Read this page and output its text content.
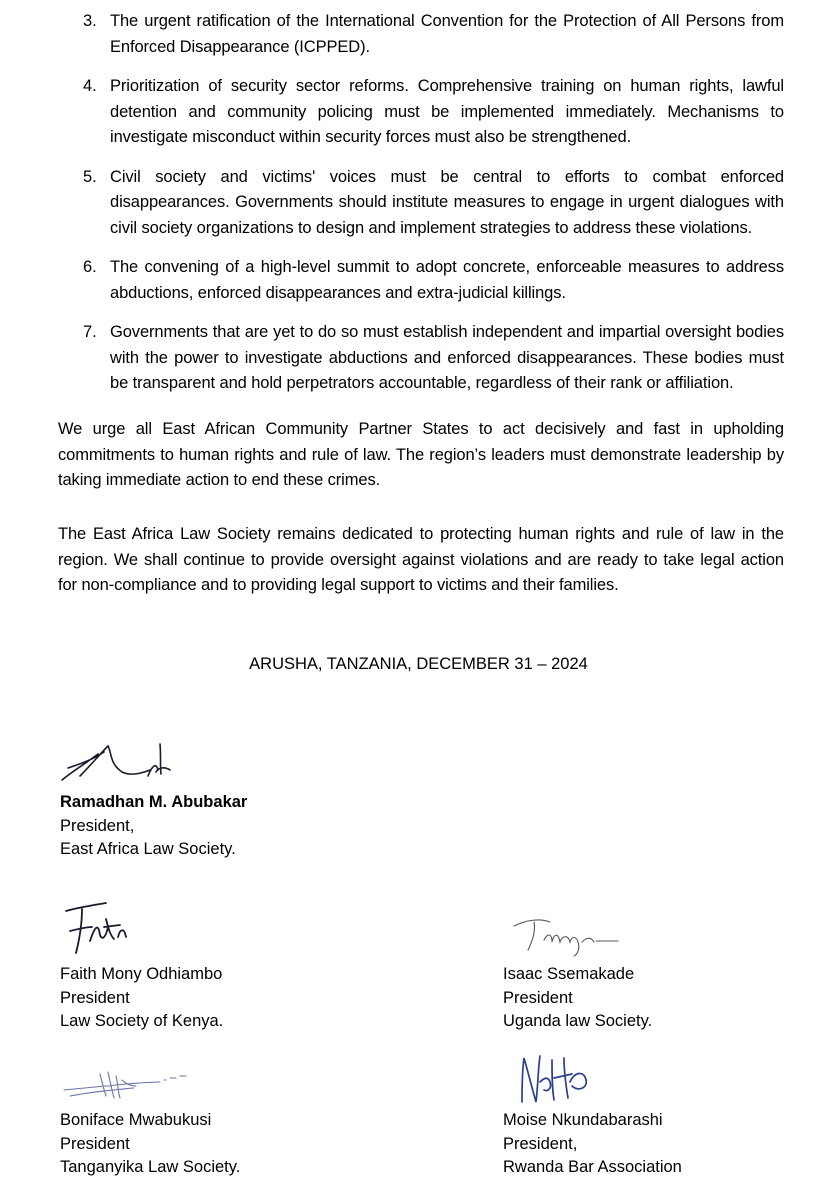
3. The urgent ratification of the International Convention for the Protection of All Persons from Enforced Disappearance (ICPPED).
4. Prioritization of security sector reforms. Comprehensive training on human rights, lawful detention and community policing must be implemented immediately. Mechanisms to investigate misconduct within security forces must also be strengthened.
5. Civil society and victims' voices must be central to efforts to combat enforced disappearances. Governments should institute measures to engage in urgent dialogues with civil society organizations to design and implement strategies to address these violations.
6. The convening of a high-level summit to adopt concrete, enforceable measures to address abductions, enforced disappearances and extra-judicial killings.
7. Governments that are yet to do so must establish independent and impartial oversight bodies with the power to investigate abductions and enforced disappearances. These bodies must be transparent and hold perpetrators accountable, regardless of their rank or affiliation.

We urge all East African Community Partner States to act decisively and fast in upholding commitments to human rights and rule of law. The region’s leaders must demonstrate leadership by taking immediate action to end these crimes.

The East Africa Law Society remains dedicated to protecting human rights and rule of law in the region. We shall continue to provide oversight against violations and are ready to take legal action for non-compliance and to providing legal support to victims and their families.

ARUSHA, TANZANIA, DECEMBER 31 – 2024
Ramadhan M. Abubakar
President,
East Africa Law Society.
Faith Mony Odhiambo
President
Law Society of Kenya.
Isaac Ssemakade
President
Uganda law Society.
Boniface Mwabukusi
President
Tanganyika Law Society.
Moise Nkundabarashi
President,
Rwanda Bar Association
